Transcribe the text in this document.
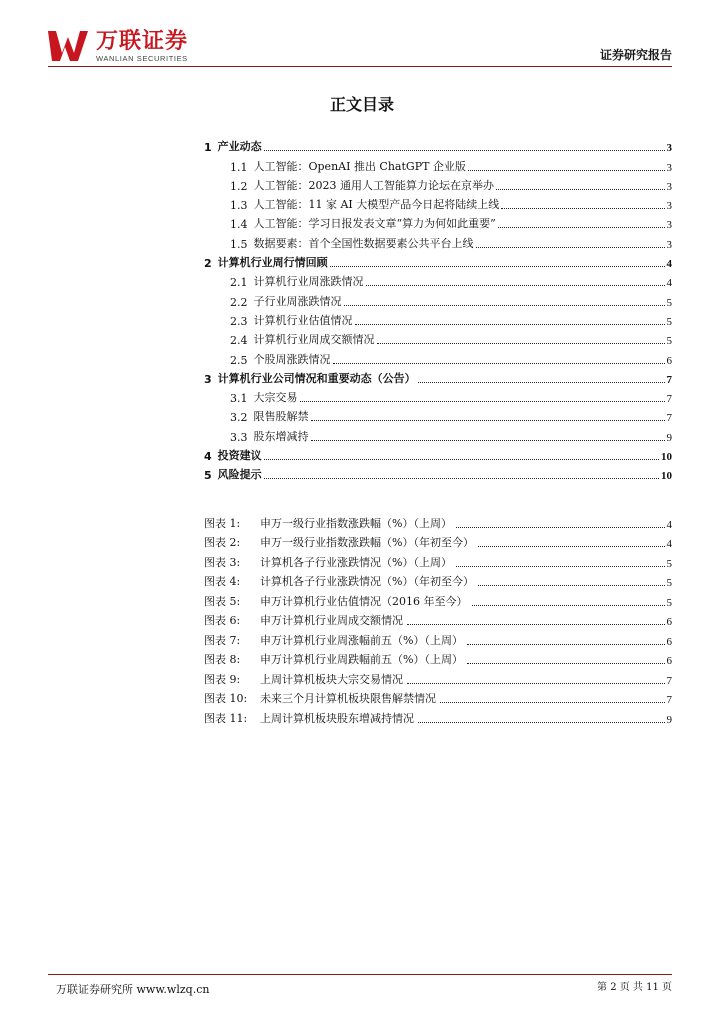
万联证券
WANLIAN SECURITIES	证券研究报告
正文目录
1 产业动态	3
1.1 人工智能：OpenAI 推出 ChatGPT 企业版	3
1.2 人工智能：2023 通用人工智能算力论坛在京举办	3
1.3 人工智能：11 家 AI 大模型产品今日起将陆续上线	3
1.4 人工智能：学习日报发表文章“算力为何如此重要”	3
1.5 数据要素：首个全国性数据要素公共平台上线	3
2 计算机行业周行情回顾	4
2.1 计算机行业周涨跌情况	4
2.2 子行业周涨跌情况	5
2.3 计算机行业估值情况	5
2.4 计算机行业周成交额情况	5
2.5 个股周涨跌情况	6
3 计算机行业公司情况和重要动态（公告）	7
3.1 大宗交易	7
3.2 限售股解禁	7
3.3 股东增减持	9
4 投资建议	10
5 风险提示	10
图表 1:	申万一级行业指数涨跌幅（%）（上周）	4
图表 2:	申万一级行业指数涨跌幅（%）（年初至今）	4
图表 3:	计算机各子行业涨跌情况（%）（上周）	5
图表 4:	计算机各子行业涨跌情况（%）（年初至今）	5
图表 5:	申万计算机行业估值情况（2016 年至今）	5
图表 6:	申万计算机行业周成交额情况	6
图表 7:	申万计算机行业周涨幅前五（%）（上周）	6
图表 8:	申万计算机行业周跌幅前五（%）（上周）	6
图表 9:	上周计算机板块大宗交易情况	7
图表 10:	未来三个月计算机板块限售解禁情况	7
图表 11:	上周计算机板块股东增减持情况	9
万联证券研究所 www.wlzq.cn	第 2 页 共 11 页
